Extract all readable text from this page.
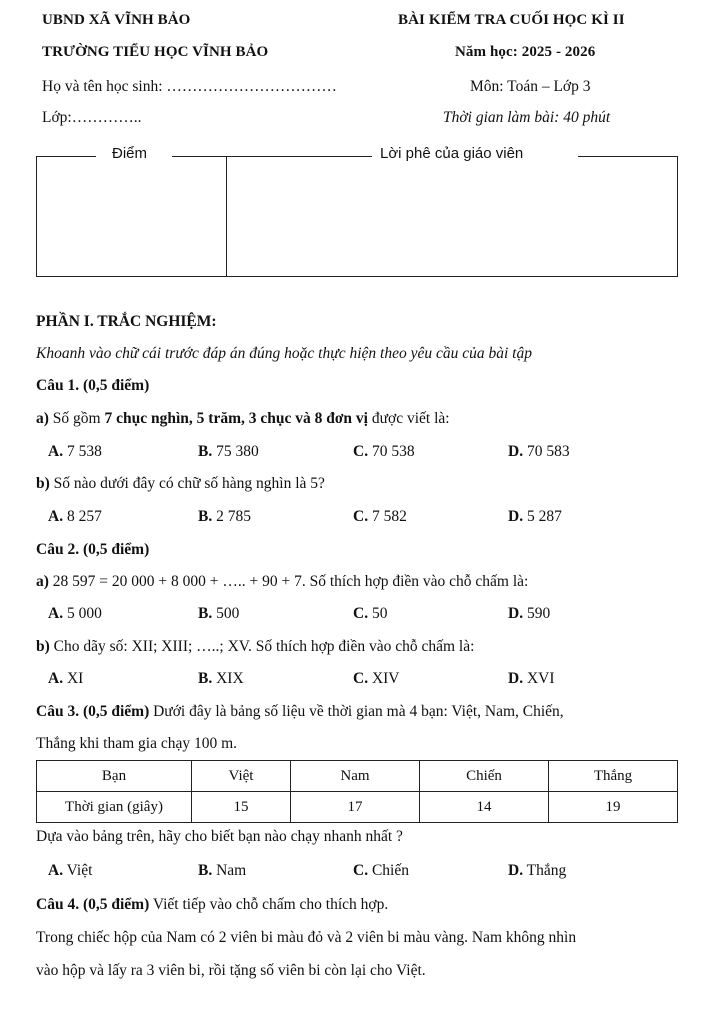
UBND XÃ VĨNH BẢO
TRƯỜNG TIỂU HỌC VĨNH BẢO
Họ và tên học sinh: ……………………………
Lớp:…………..
BÀI KIỂM TRA CUỐI HỌC KÌ II
Năm học: 2025 - 2026
Môn: Toán – Lớp 3
Thời gian làm bài: 40 phút
Điểm	Lời phê của giáo viên
PHẦN I. TRẮC NGHIỆM:
Khoanh vào chữ cái trước đáp án đúng hoặc thực hiện theo yêu cầu của bài tập
Câu 1. (0,5 điểm)
a) Số gồm 7 chục nghìn, 5 trăm, 3 chục và 8 đơn vị được viết là:
A. 7 538	B. 75 380	C. 70 538	D. 70 583
b) Số nào dưới đây có chữ số hàng nghìn là 5?
A. 8 257	B. 2 785	C. 7 582	D. 5 287
Câu 2. (0,5 điểm)
a) 28 597 = 20 000 + 8 000 + ….. + 90 + 7. Số thích hợp điền vào chỗ chấm là:
A. 5 000	B. 500	C. 50	D. 590
b) Cho dãy số: XII; XIII; …..; XV. Số thích hợp điền vào chỗ chấm là:
A. XI	B. XIX	C. XIV	D. XVI
Câu 3. (0,5 điểm) Dưới đây là bảng số liệu về thời gian mà 4 bạn: Việt, Nam, Chiến,
Thắng khi tham gia chạy 100 m.
Bạn	Việt	Nam	Chiến	Thắng
Thời gian (giây)	15	17	14	19
Dựa vào bảng trên, hãy cho biết bạn nào chạy nhanh nhất ?
A. Việt	B. Nam	C. Chiến	D. Thắng
Câu 4. (0,5 điểm) Viết tiếp vào chỗ chấm cho thích hợp.
Trong chiếc hộp của Nam có 2 viên bi màu đỏ và 2 viên bi màu vàng. Nam không nhìn
vào hộp và lấy ra 3 viên bi, rồi tặng số viên bi còn lại cho Việt.
